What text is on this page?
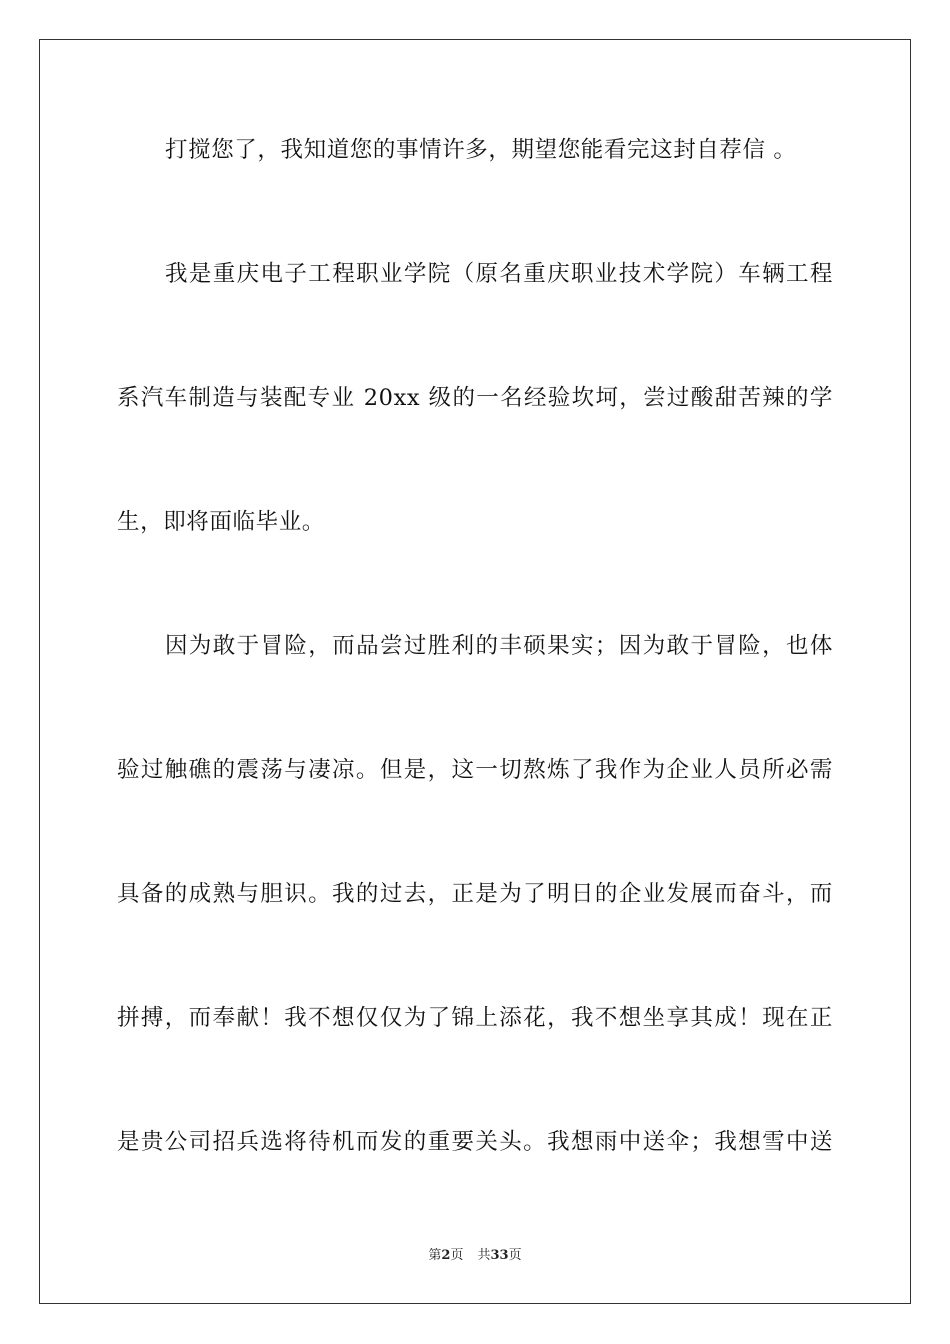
打搅您了，我知道您的事情许多，期望您能看完这封自荐信 。
我是重庆电子工程职业学院（原名重庆职业技术学院）车辆工程
系汽车制造与装配专业 20xx 级的一名经验坎坷，尝过酸甜苦辣的学
生，即将面临毕业。
因为敢于冒险，而品尝过胜利的丰硕果实；因为敢于冒险，也体
验过触礁的震荡与凄凉。但是，这一切熬炼了我作为企业人员所必需
具备的成熟与胆识。我的过去，正是为了明日的企业发展而奋斗，而
拼搏，而奉献！我不想仅仅为了锦上添花，我不想坐享其成！现在正
是贵公司招兵选将待机而发的重要关头。我想雨中送伞；我想雪中送
第2页 共33页
